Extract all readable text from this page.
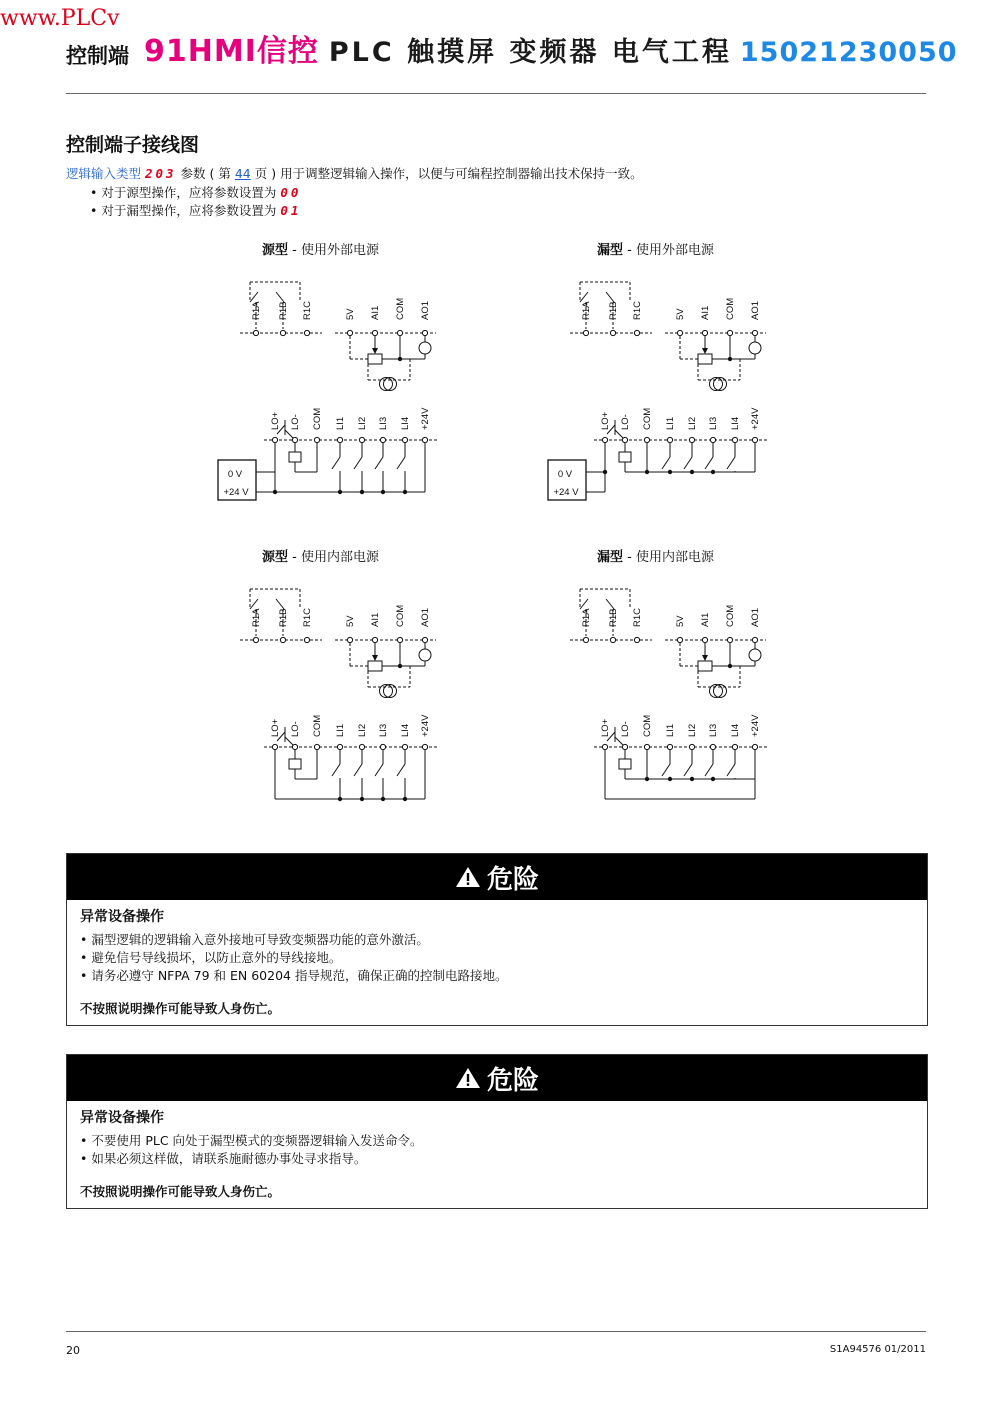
www.PLCv
控制端 91HMI信控 PLC 触摸屏 变频器 电气工程 15021230050
控制端子接线图
逻辑输入类型 203 参数 ( 第 44 页 ) 用于调整逻辑输入操作，以便与可编程控制器输出技术保持一致。
• 对于源型操作，应将参数设置为 00
• 对于漏型操作，应将参数设置为 01
源型 - 使用外部电源	漏型 - 使用外部电源
源型 - 使用内部电源	漏型 - 使用内部电源
R1A R1B R1C	5V AI1 COM AO1
LO+ LO- COM LI1 LI2 LI3 LI4 +24V
0 V
+24 V
R1A R1B R1C	5V AI1 COM AO1
LO+ LO- COM LI1 LI2 LI3 LI4 +24V
0 V
+24 V
R1A R1B R1C	5V AI1 COM AO1
LO+ LO- COM LI1 LI2 LI3 LI4 +24V
R1A R1B R1C	5V AI1 COM AO1
LO+ LO- COM LI1 LI2 LI3 LI4 +24V
危险
异常设备操作
• 漏型逻辑的逻辑输入意外接地可导致变频器功能的意外激活。
• 避免信号导线损坏，以防止意外的导线接地。
• 请务必遵守 NFPA 79 和 EN 60204 指导规范，确保正确的控制电路接地。
不按照说明操作可能导致人身伤亡。
危险
异常设备操作
• 不要使用 PLC 向处于漏型模式的变频器逻辑输入发送命令。
• 如果必须这样做，请联系施耐德办事处寻求指导。
不按照说明操作可能导致人身伤亡。
20	S1A94576 01/2011
